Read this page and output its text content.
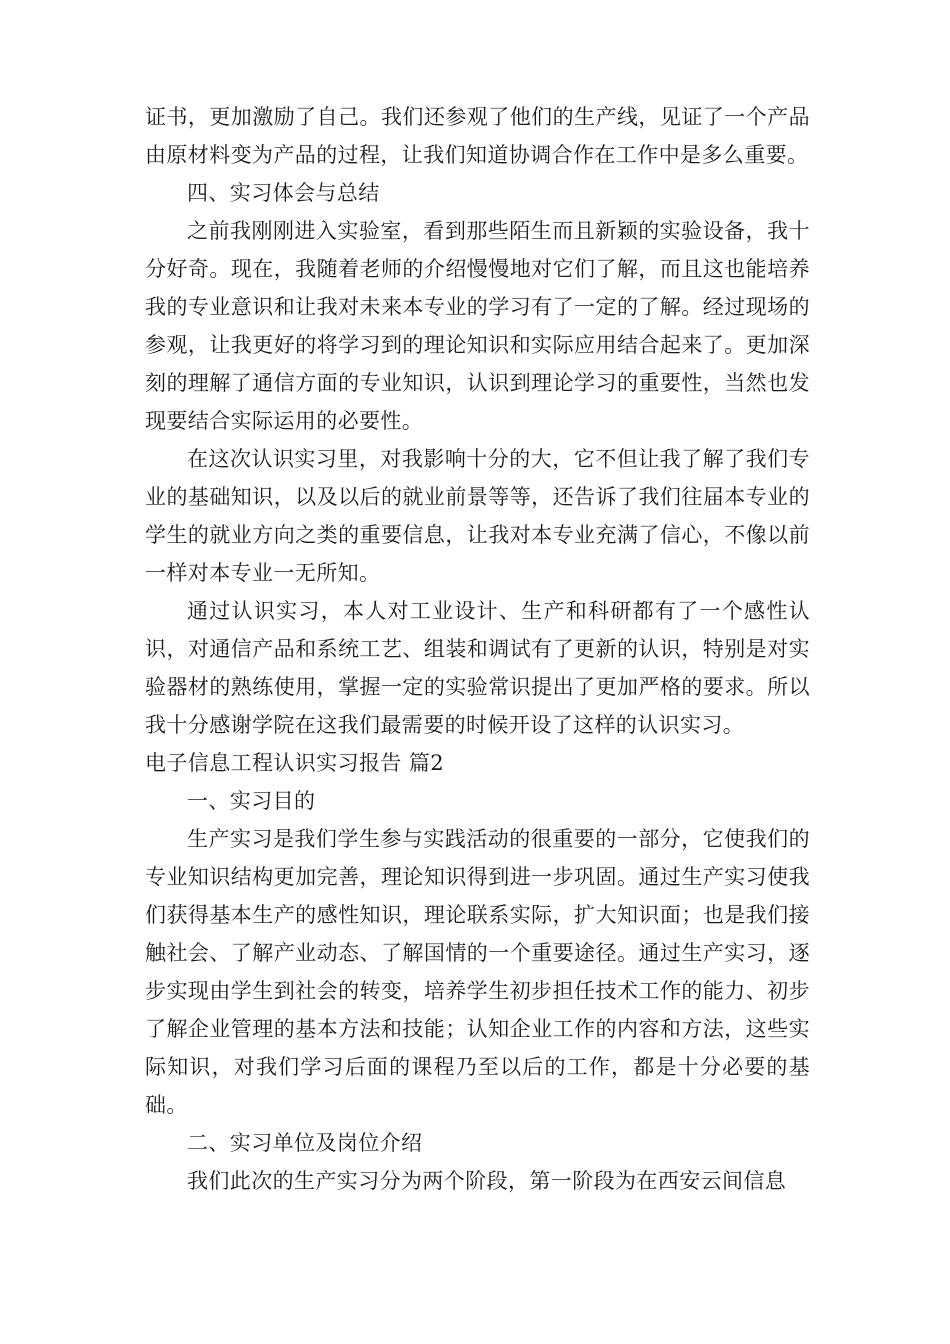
证书，更加激励了自己。我们还参观了他们的生产线，见证了一个产品由原材料变为产品的过程，让我们知道协调合作在工作中是多么重要。

四、实习体会与总结

之前我刚刚进入实验室，看到那些陌生而且新颖的实验设备，我十分好奇。现在，我随着老师的介绍慢慢地对它们了解，而且这也能培养我的专业意识和让我对未来本专业的学习有了一定的了解。经过现场的参观，让我更好的将学习到的理论知识和实际应用结合起来了。更加深刻的理解了通信方面的专业知识，认识到理论学习的重要性，当然也发现要结合实际运用的必要性。

在这次认识实习里，对我影响十分的大，它不但让我了解了我们专业的基础知识，以及以后的就业前景等等，还告诉了我们往届本专业的学生的就业方向之类的重要信息，让我对本专业充满了信心，不像以前一样对本专业一无所知。

通过认识实习，本人对工业设计、生产和科研都有了一个感性认识，对通信产品和系统工艺、组装和调试有了更新的认识，特别是对实验器材的熟练使用，掌握一定的实验常识提出了更加严格的要求。所以我十分感谢学院在这我们最需要的时候开设了这样的认识实习。

电子信息工程认识实习报告 篇2

一、实习目的

生产实习是我们学生参与实践活动的很重要的一部分，它使我们的专业知识结构更加完善，理论知识得到进一步巩固。通过生产实习使我们获得基本生产的感性知识，理论联系实际，扩大知识面；也是我们接触社会、了解产业动态、了解国情的一个重要途径。通过生产实习，逐步实现由学生到社会的转变，培养学生初步担任技术工作的能力、初步了解企业管理的基本方法和技能；认知企业工作的内容和方法，这些实际知识，对我们学习后面的课程乃至以后的工作，都是十分必要的基础。

二、实习单位及岗位介绍

我们此次的生产实习分为两个阶段，第一阶段为在西安云间信息
